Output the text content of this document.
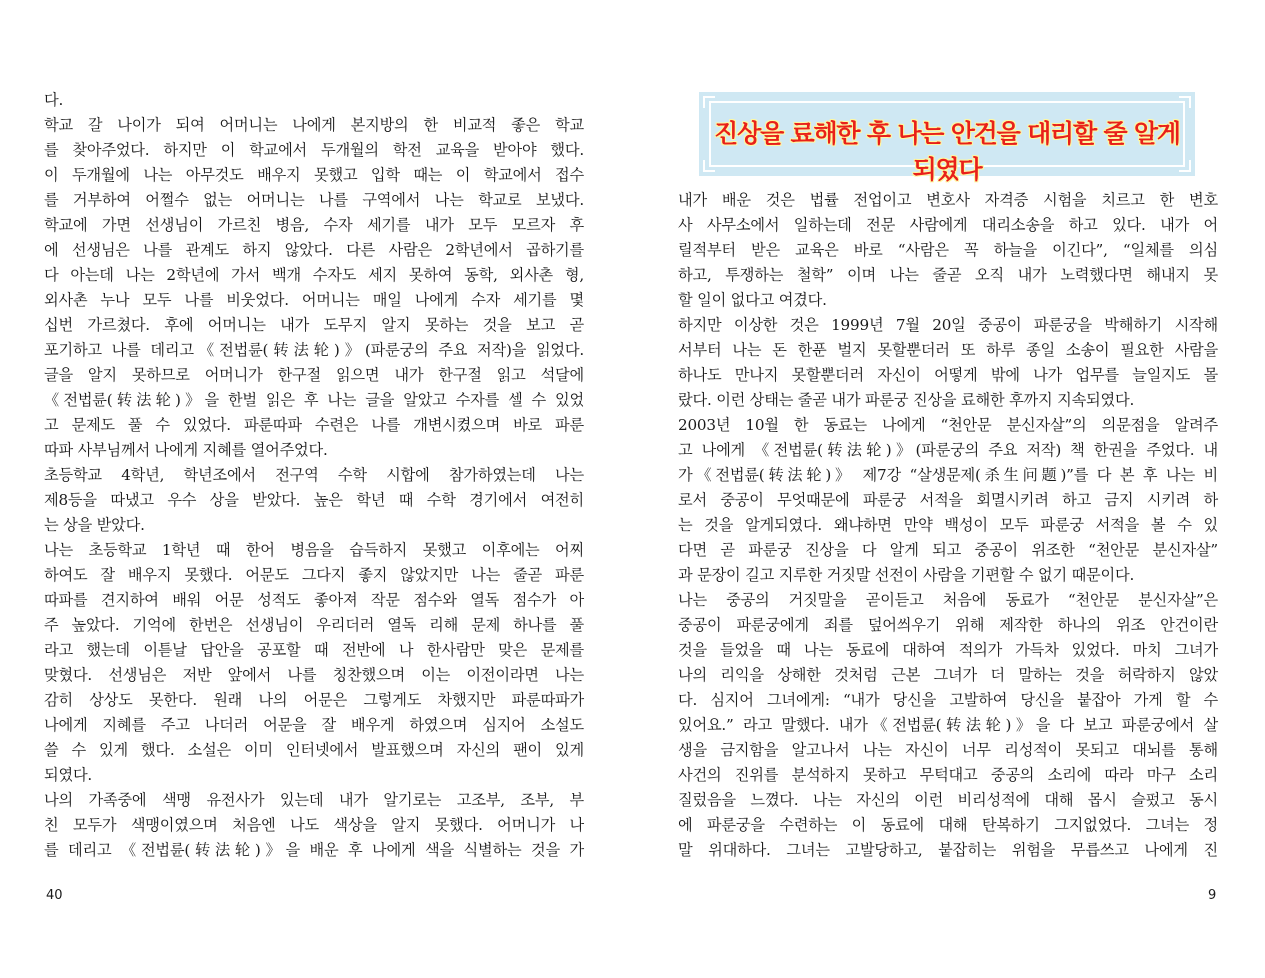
다.
학교 갈 나이가 되여 어머니는 나에게 본지방의 한 비교적 좋은 학교
를 찾아주었다. 하지만 이 학교에서 두개월의 학전 교육을 받아야 했다.
이 두개월에 나는 아무것도 배우지 못했고 입학 때는 이 학교에서 접수
를 거부하여 어쩔수 없는 어머니는 나를 구역에서 나는 학교로 보냈다.
학교에 가면 선생님이 가르친 병음, 수자 세기를 내가 모두 모르자 후
에 선생님은 나를 관계도 하지 않았다. 다른 사람은 2학년에서 곱하기를
다 아는데 나는 2학년에 가서 백개 수자도 세지 못하여 동학, 외사촌 형,
외사촌 누나 모두 나를 비웃었다. 어머니는 매일 나에게 수자 세기를 몇
십번 가르쳤다. 후에 어머니는 내가 도무지 알지 못하는 것을 보고 곧
포기하고 나를 데리고《전법륜(转法轮)》(파룬궁의 주요 저작)을 읽었다.
글을 알지 못하므로 어머니가 한구절 읽으면 내가 한구절 읽고 석달에
《전법륜(转法轮)》을 한벌 읽은 후 나는 글을 알았고 수자를 셀 수 있었
고 문제도 풀 수 있었다. 파룬따파 수련은 나를 개변시켰으며 바로 파룬
따파 사부님께서 나에게 지혜를 열어주었다.
초등학교 4학년, 학년조에서 전구역 수학 시합에 참가하였는데 나는
제8등을 따냈고 우수 상을 받았다. 높은 학년 때 수학 경기에서 여전히
는 상을 받았다.
나는 초등학교 1학년 때 한어 병음을 습득하지 못했고 이후에는 어찌
하여도 잘 배우지 못했다. 어문도 그다지 좋지 않았지만 나는 줄곧 파룬
따파를 견지하여 배워 어문 성적도 좋아져 작문 점수와 열독 점수가 아
주 높았다. 기억에 한번은 선생님이 우리더러 열독 리해 문제 하나를 풀
라고 했는데 이튿날 답안을 공포할 때 전반에 나 한사람만 맞은 문제를
맞혔다. 선생님은 저반 앞에서 나를 칭찬했으며 이는 이전이라면 나는
감히 상상도 못한다. 원래 나의 어문은 그렇게도 차했지만 파룬따파가
나에게 지혜를 주고 나더러 어문을 잘 배우게 하였으며 심지어 소설도
쓸 수 있게 했다. 소설은 이미 인터넷에서 발표했으며 자신의 팬이 있게
되였다.
나의 가족중에 색맹 유전사가 있는데 내가 알기로는 고조부, 조부, 부
친 모두가 색맹이였으며 처음엔 나도 색상을 알지 못했다. 어머니가 나
를 데리고 《전법륜(转法轮)》을 배운 후 나에게 색을 식별하는 것을 가
40
진상을 료해한 후 나는 안건을 대리할 줄 알게 되였다
내가 배운 것은 법률 전업이고 변호사 자격증 시험을 치르고 한 변호
사 사무소에서 일하는데 전문 사람에게 대리소송을 하고 있다. 내가 어
릴적부터 받은 교육은 바로 “사람은 꼭 하늘을 이긴다”, “일체를 의심
하고, 투쟁하는 철학” 이며 나는 줄곧 오직 내가 노력했다면 해내지 못
할 일이 없다고 여겼다.
하지만 이상한 것은 1999년 7월 20일 중공이 파룬궁을 박해하기 시작해
서부터 나는 돈 한푼 벌지 못할뿐더러 또 하루 종일 소송이 필요한 사람을
하나도 만나지 못할뿐더러 자신이 어떻게 밖에 나가 업무를 늘일지도 몰
랐다. 이런 상태는 줄곧 내가 파룬궁 진상을 료해한 후까지 지속되였다.
2003년 10월 한 동료는 나에게 “천안문 분신자살”의 의문점을 알려주
고 나에게 《전법륜(转法轮)》(파룬궁의 주요 저작) 책 한권을 주었다. 내
가《전법륜(转法轮)》 제7강 “살생문제(杀生问题)”를 다 본 후 나는 비
로서 중공이 무엇때문에 파룬궁 서적을 회멸시키려 하고 금지 시키려 하
는 것을 알게되였다. 왜냐하면 만약 백성이 모두 파룬궁 서적을 볼 수 있
다면 곧 파룬궁 진상을 다 알게 되고 중공이 위조한 “천안문 분신자살”
과 문장이 길고 지루한 거짓말 선전이 사람을 기편할 수 없기 때문이다.
나는 중공의 거짓말을 곧이듣고 처음에 동료가 “천안문 분신자살”은
중공이 파룬궁에게 죄를 덮어씌우기 위해 제작한 하나의 위조 안건이란
것을 들었을 때 나는 동료에 대하여 적의가 가득차 있었다. 마치 그녀가
나의 리익을 상해한 것처럼 근본 그녀가 더 말하는 것을 허락하지 않았
다. 심지어 그녀에게: “내가 당신을 고발하여 당신을 붙잡아 가게 할 수
있어요.” 라고 말했다. 내가《전법륜(转法轮)》을 다 보고 파룬궁에서 살
생을 금지함을 알고나서 나는 자신이 너무 리성적이 못되고 대뇌를 통해
사건의 진위를 분석하지 못하고 무턱대고 중공의 소리에 따라 마구 소리
질렀음을 느꼈다. 나는 자신의 이런 비리성적에 대해 몹시 슬펐고 동시
에 파룬궁을 수련하는 이 동료에 대해 탄복하기 그지없었다. 그녀는 정
말 위대하다. 그녀는 고발당하고, 붙잡히는 위험을 무릅쓰고 나에게 진
9
